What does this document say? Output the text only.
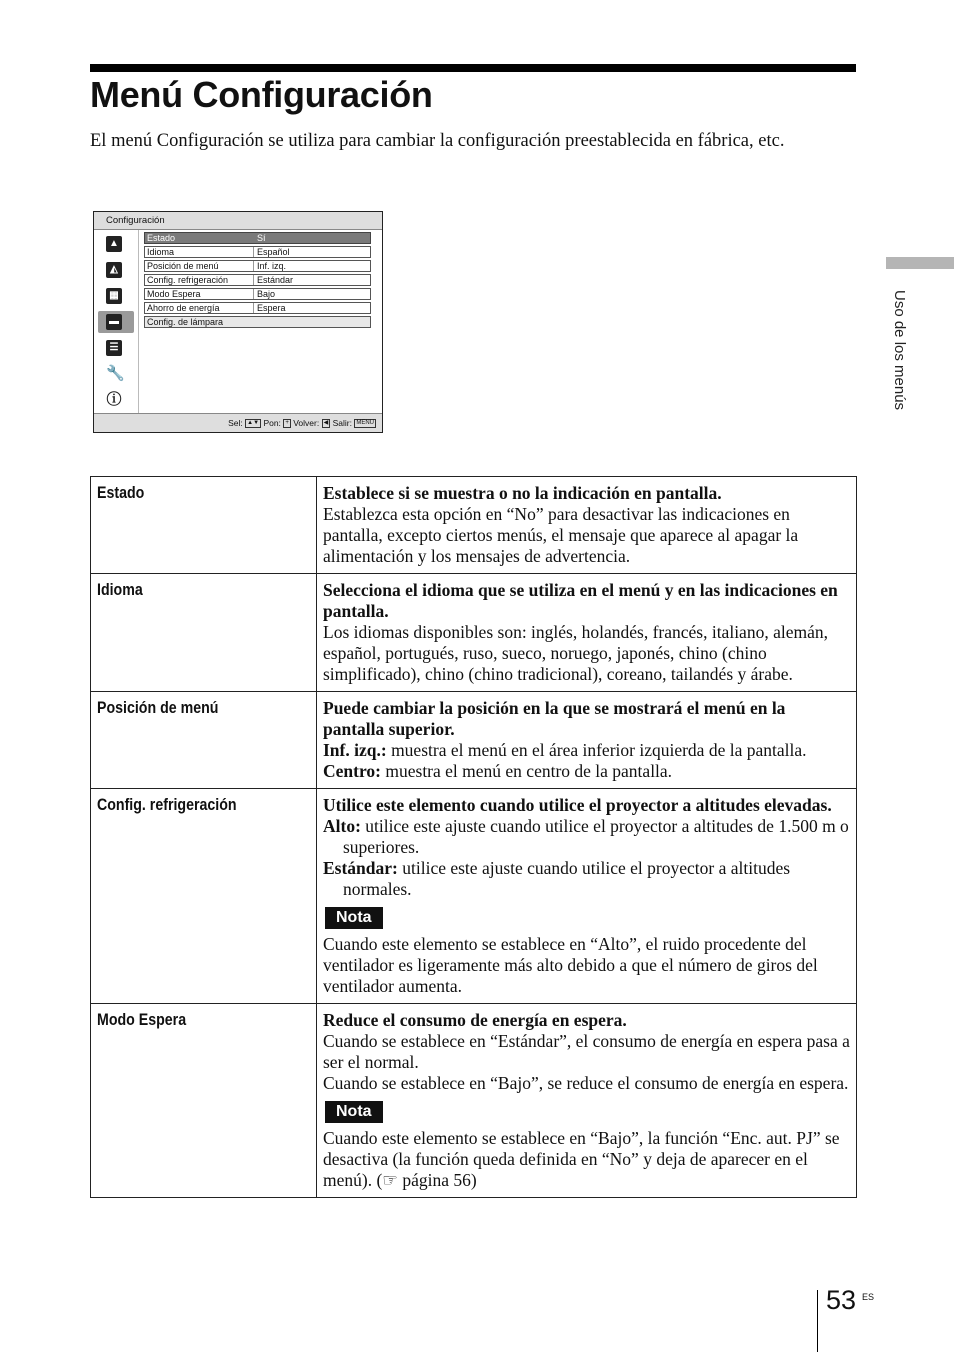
Menú Configuración

El menú Configuración se utiliza para cambiar la configuración preestablecida en fábrica, etc.

Configuración
▲
◭
▦
▬
☰
🔧
ⓘ
Estado	Sí
Idioma	Español
Posición de menú	Inf. izq.
Config. refrigeración	Estándar
Modo Espera	Bajo
Ahorro de energía	Espera
Config. de lámpara
Sel: ▲▼ Pon: + Volver: ◀ Salir: MENU
Uso de los menús
Estado	Establece si se muestra o no la indicación en pantalla.
Establezca esta opción en “No” para desactivar las indicaciones en pantalla, excepto ciertos menús, el mensaje que aparece al apagar la alimentación y los mensajes de advertencia.

Idioma	Selecciona el idioma que se utiliza en el menú y en las indicaciones en pantalla.
Los idiomas disponibles son: inglés, holandés, francés, italiano, alemán, español, portugués, ruso, sueco, noruego, japonés, chino (chino simplificado), chino (chino tradicional), coreano, tailandés y árabe.

Posición de menú	Puede cambiar la posición en la que se mostrará el menú en la pantalla superior.
Inf. izq.: muestra el menú en el área inferior izquierda de la pantalla.
Centro: muestra el menú en centro de la pantalla.

Config. refrigeración	Utilice este elemento cuando utilice el proyector a altitudes elevadas.
Alto: utilice este ajuste cuando utilice el proyector a altitudes de 1.500 m o superiores.
Estándar: utilice este ajuste cuando utilice el proyector a altitudes normales.
Nota
Cuando este elemento se establece en “Alto”, el ruido procedente del ventilador es ligeramente más alto debido a que el número de giros del ventilador aumenta.

Modo Espera	Reduce el consumo de energía en espera.
Cuando se establece en “Estándar”, el consumo de energía en espera pasa a ser el normal.
Cuando se establece en “Bajo”, se reduce el consumo de energía en espera.
Nota
Cuando este elemento se establece en “Bajo”, la función “Enc. aut. PJ” se desactiva (la función queda definida en “No” y deja de aparecer en el menú). (☞ página 56)
53 ES
